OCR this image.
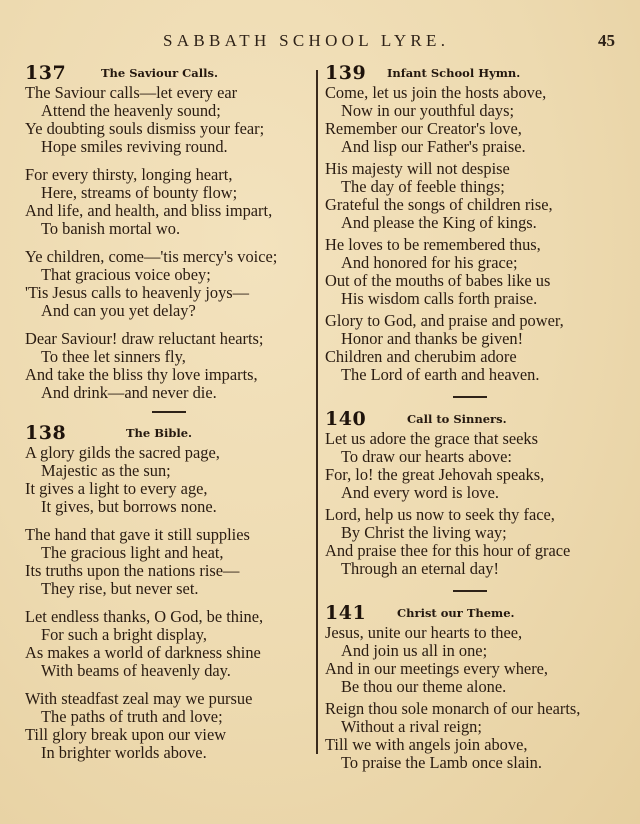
SABBATH SCHOOL LYRE.	45
137	The Saviour Calls.
The Saviour calls—let every ear
Attend the heavenly sound;
Ye doubting souls dismiss your fear;
Hope smiles reviving round.
For every thirsty, longing heart,
Here, streams of bounty flow;
And life, and health, and bliss impart,
To banish mortal wo.
Ye children, come—'tis mercy's voice;
That gracious voice obey;
'Tis Jesus calls to heavenly joys—
And can you yet delay?
Dear Saviour! draw reluctant hearts;
To thee let sinners fly,
And take the bliss thy love imparts,
And drink—and never die.
138	The Bible.
A glory gilds the sacred page,
Majestic as the sun;
It gives a light to every age,
It gives, but borrows none.
The hand that gave it still supplies
The gracious light and heat,
Its truths upon the nations rise—
They rise, but never set.
Let endless thanks, O God, be thine,
For such a bright display,
As makes a world of darkness shine
With beams of heavenly day.
With steadfast zeal may we pursue
The paths of truth and love;
Till glory break upon our view
In brighter worlds above.
139 Infant School Hymn.
Come, let us join the hosts above,
Now in our youthful days;
Remember our Creator's love,
And lisp our Father's praise.
His majesty will not despise
The day of feeble things;
Grateful the songs of children rise,
And please the King of kings.
He loves to be remembered thus,
And honored for his grace;
Out of the mouths of babes like us
His wisdom calls forth praise.
Glory to God, and praise and power,
Honor and thanks be given!
Children and cherubim adore
The Lord of earth and heaven.
140	Call to Sinners.
Let us adore the grace that seeks
To draw our hearts above:
For, lo! the great Jehovah speaks,
And every word is love.
Lord, help us now to seek thy face,
By Christ the living way;
And praise thee for this hour of grace
Through an eternal day!
141	Christ our Theme.
Jesus, unite our hearts to thee,
And join us all in one;
And in our meetings every where,
Be thou our theme alone.
Reign thou sole monarch of our hearts,
Without a rival reign;
Till we with angels join above,
To praise the Lamb once slain.
